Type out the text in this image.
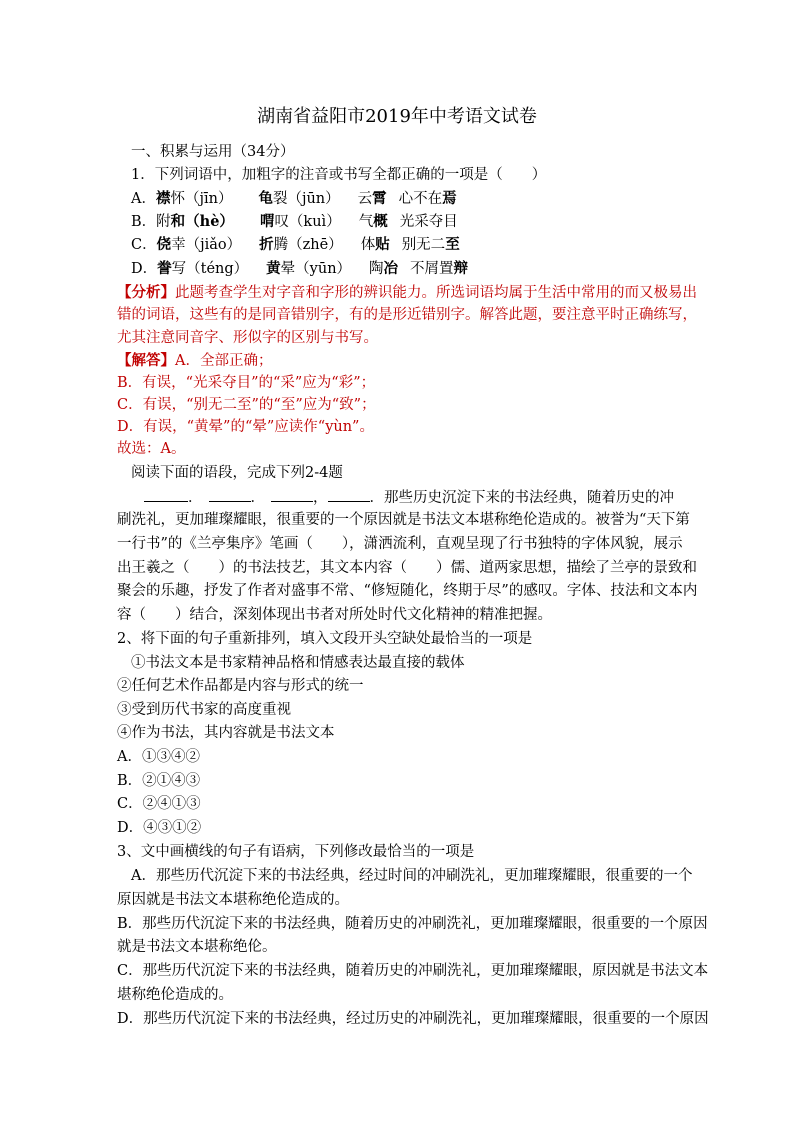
湖南省益阳市2019年中考语文试卷
一、积累与运用（34分）
1．下列词语中，加粗字的注音或书写全都正确的一项是（　　）
A．襟怀（jīn） 龟裂（jūn） 云霄 心不在焉
B．附和（hè） 喟叹（kuì） 气概 光采夺目
C．侥幸（jiǎo） 折腾（zhē） 体贴 别无二至
D．誊写（téng） 黄晕（yūn） 陶冶 不屑置辩
【分析】此题考查学生对字音和字形的辨识能力。所选词语均属于生活中常用的而又极易出
错的词语，这些有的是同音错别字，有的是形近错别字。解答此题，要注意平时正确练写，
尤其注意同音字、形似字的区别与书写。
【解答】A．全部正确；
B．有误，“光采夺目”的“采”应为“彩”；
C．有误，“别无二至”的“至”应为“致”；
D．有误，“黄晕”的“晕”应读作“yùn”。
故选：A。
阅读下面的语段，完成下列2-4题
．	．	，	．那些历史沉淀下来的书法经典，随着历史的冲
刷洗礼，更加璀璨耀眼，很重要的一个原因就是书法文本堪称绝伦造成的。被誉为“天下第
一行书”的《兰亭集序》笔画（　　），潇洒流利，直观呈现了行书独特的字体风貌，展示
出王羲之（　　）的书法技艺，其文本内容（　　）儒、道两家思想，描绘了兰亭的景致和
聚会的乐趣，抒发了作者对盛事不常、“修短随化，终期于尽”的感叹。字体、技法和文本内
容（　　）结合，深刻体现出书者对所处时代文化精神的精准把握。
2、将下面的句子重新排列，填入文段开头空缺处最恰当的一项是
①书法文本是书家精神品格和情感表达最直接的载体
②任何艺术作品都是内容与形式的统一
③受到历代书家的高度重视
④作为书法，其内容就是书法文本
A．①③④②
B．②①④③
C．②④①③
D．④③①②
3、文中画横线的句子有语病，下列修改最恰当的一项是
A．那些历代沉淀下来的书法经典，经过时间的冲刷洗礼，更加璀璨耀眼，很重要的一个
原因就是书法文本堪称绝伦造成的。
B．那些历代沉淀下来的书法经典，随着历史的冲刷洗礼，更加璀璨耀眼，很重要的一个原因
就是书法文本堪称绝伦。
C．那些历代沉淀下来的书法经典，随着历史的冲刷洗礼，更加璀璨耀眼，原因就是书法文本
堪称绝伦造成的。
D．那些历代沉淀下来的书法经典，经过历史的冲刷洗礼，更加璀璨耀眼，很重要的一个原因
